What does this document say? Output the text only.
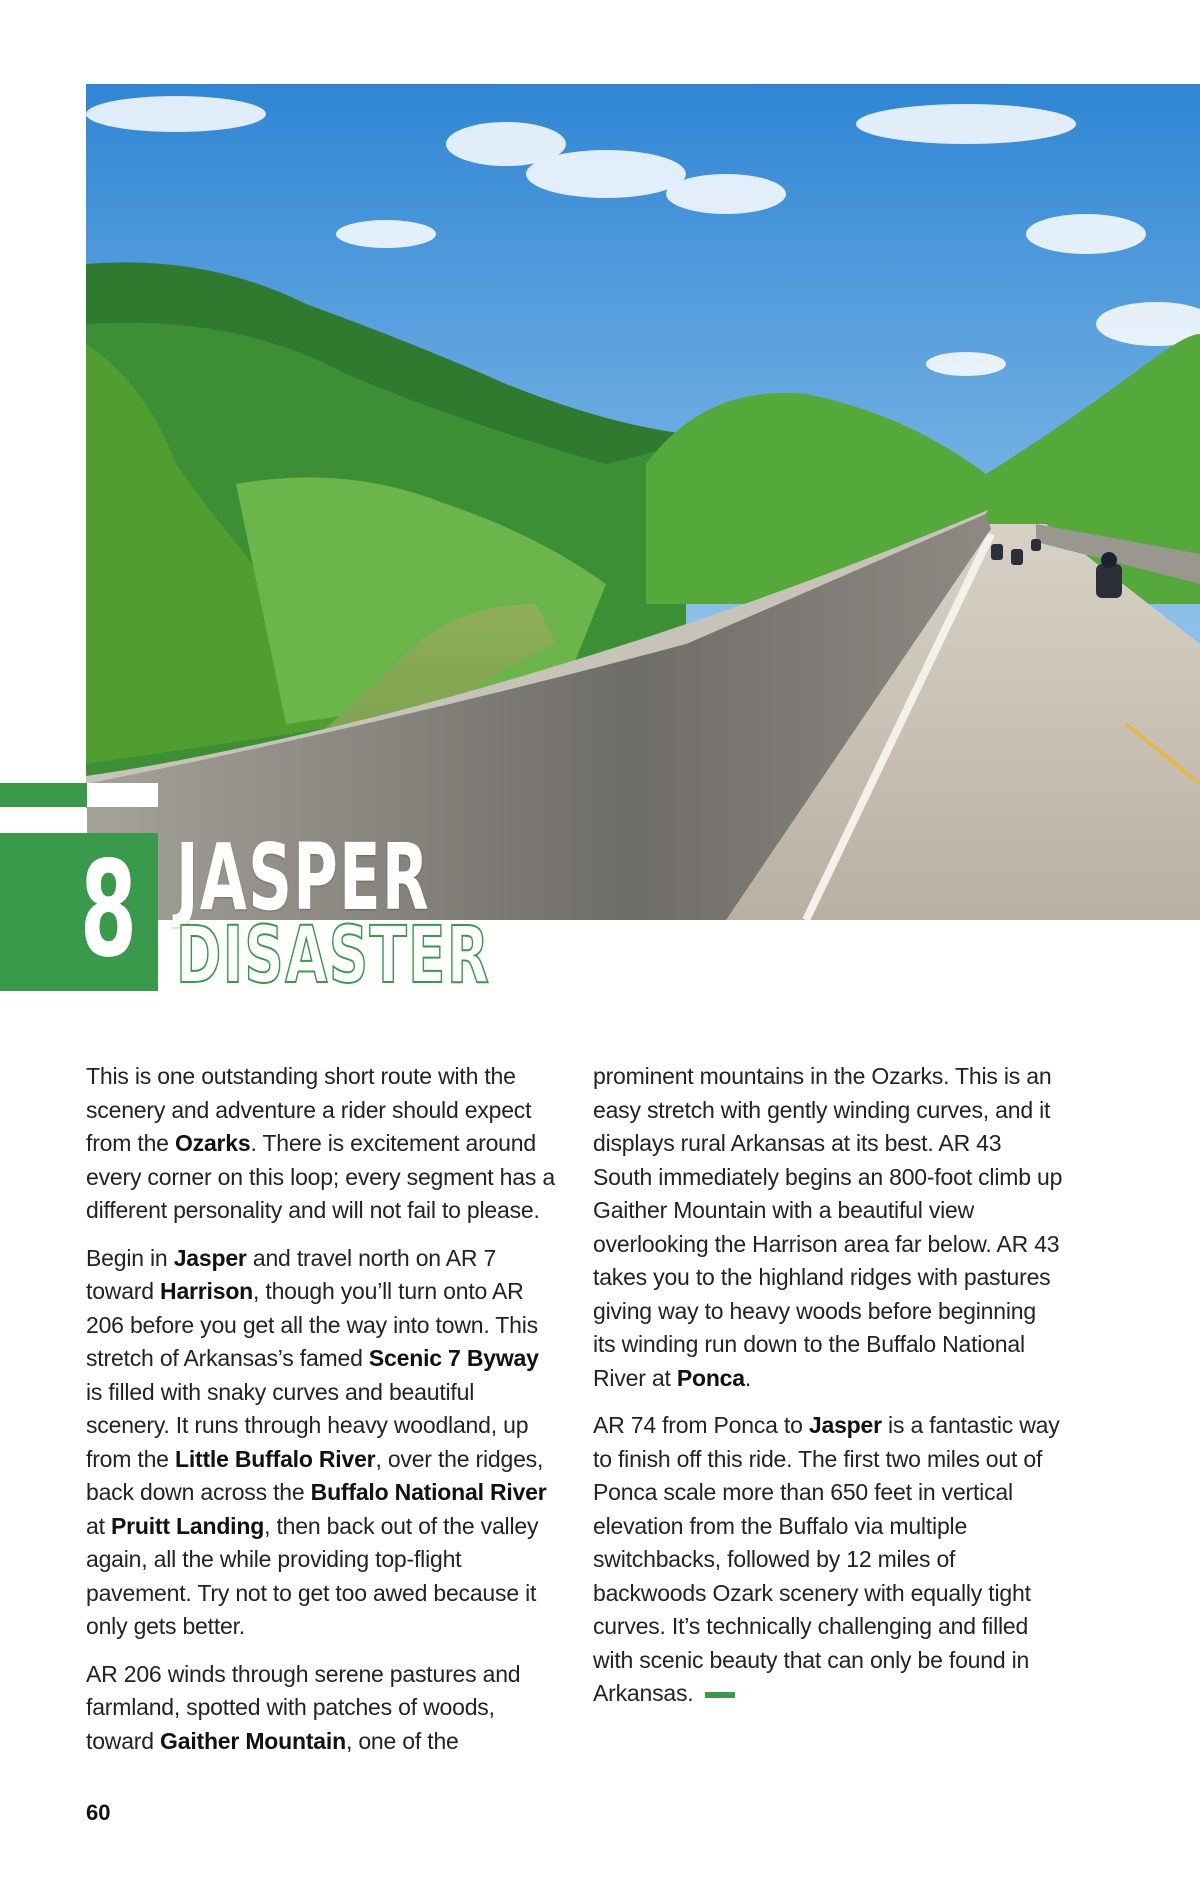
8 JASPER
DISASTER

This is one outstanding short route with the scenery and adventure a rider should expect from the Ozarks. There is excitement around every corner on this loop; every segment has a different personality and will not fail to please.

Begin in Jasper and travel north on AR 7 toward Harrison, though you’ll turn onto AR 206 before you get all the way into town. This stretch of Arkansas’s famed Scenic 7 Byway is filled with snaky curves and beautiful scenery. It runs through heavy woodland, up from the Little Buffalo River, over the ridges, back down across the Buffalo National River at Pruitt Landing, then back out of the valley again, all the while providing top-flight pavement. Try not to get too awed because it only gets better.

AR 206 winds through serene pastures and farmland, spotted with patches of woods, toward Gaither Mountain, one of the

prominent mountains in the Ozarks. This is an easy stretch with gently winding curves, and it displays rural Arkansas at its best. AR 43 South immediately begins an 800-foot climb up Gaither Mountain with a beautiful view overlooking the Harrison area far below. AR 43 takes you to the highland ridges with pastures giving way to heavy woods before beginning its winding run down to the Buffalo National River at Ponca.

AR 74 from Ponca to Jasper is a fantastic way to finish off this ride. The first two miles out of Ponca scale more than 650 feet in vertical elevation from the Buffalo via multiple switchbacks, followed by 12 miles of backwoods Ozark scenery with equally tight curves. It’s technically challenging and filled with scenic beauty that can only be found in Arkansas.

60
